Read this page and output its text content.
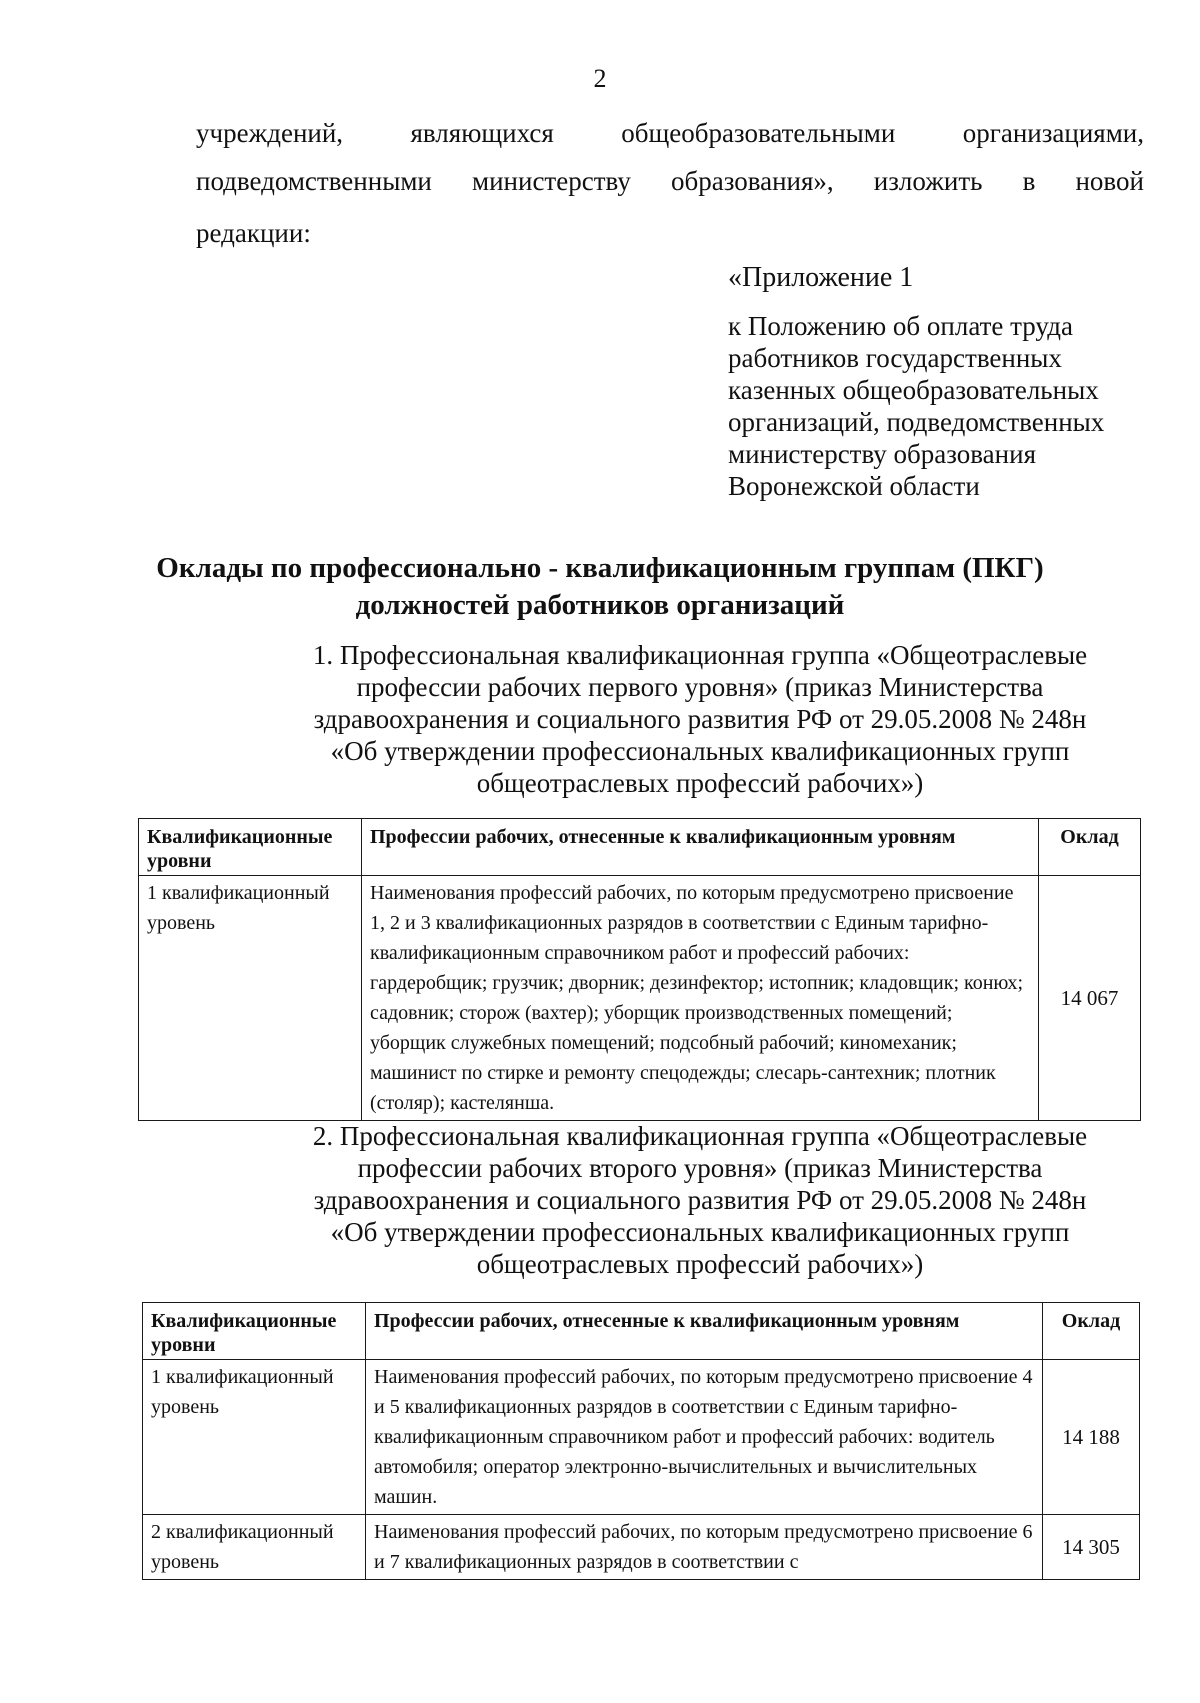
2
учреждений, являющихся общеобразовательными организациями,
подведомственными министерству образования», изложить в новой
редакции:
«Приложение 1
к Положению об оплате труда
работников государственных
казенных общеобразовательных
организаций, подведомственных
министерству образования
Воронежской области
Оклады по профессионально - квалификационным группам (ПКГ)
должностей работников организаций
1. Профессиональная квалификационная группа «Общеотраслевые
профессии рабочих первого уровня» (приказ Министерства
здравоохранения и социального развития РФ от 29.05.2008 № 248н
«Об утверждении профессиональных квалификационных групп
общеотраслевых профессий рабочих»)
Квалификационные уровни	Профессии рабочих, отнесенные к квалификационным уровням	Оклад
1 квалификационный уровень	Наименования профессий рабочих, по которым предусмотрено присвоение 1, 2 и 3 квалификационных разрядов в соответствии с Единым тарифно-квалификационным справочником работ и профессий рабочих: гардеробщик; грузчик; дворник; дезинфектор; истопник; кладовщик; конюх; садовник; сторож (вахтер); уборщик производственных помещений; уборщик служебных помещений; подсобный рабочий; киномеханик; машинист по стирке и ремонту спецодежды; слесарь-сантехник; плотник (столяр); кастелянша.	14 067
2. Профессиональная квалификационная группа «Общеотраслевые
профессии рабочих второго уровня» (приказ Министерства
здравоохранения и социального развития РФ от 29.05.2008 № 248н
«Об утверждении профессиональных квалификационных групп
общеотраслевых профессий рабочих»)
Квалификационные уровни	Профессии рабочих, отнесенные к квалификационным уровням	Оклад
1 квалификационный уровень	Наименования профессий рабочих, по которым предусмотрено присвоение 4 и 5 квалификационных разрядов в соответствии с Единым тарифно-квалификационным справочником работ и профессий рабочих: водитель автомобиля; оператор электронно-вычислительных и вычислительных машин.	14 188
2 квалификационный уровень	Наименования профессий рабочих, по которым предусмотрено присвоение 6 и 7 квалификационных разрядов в соответствии с	14 305
